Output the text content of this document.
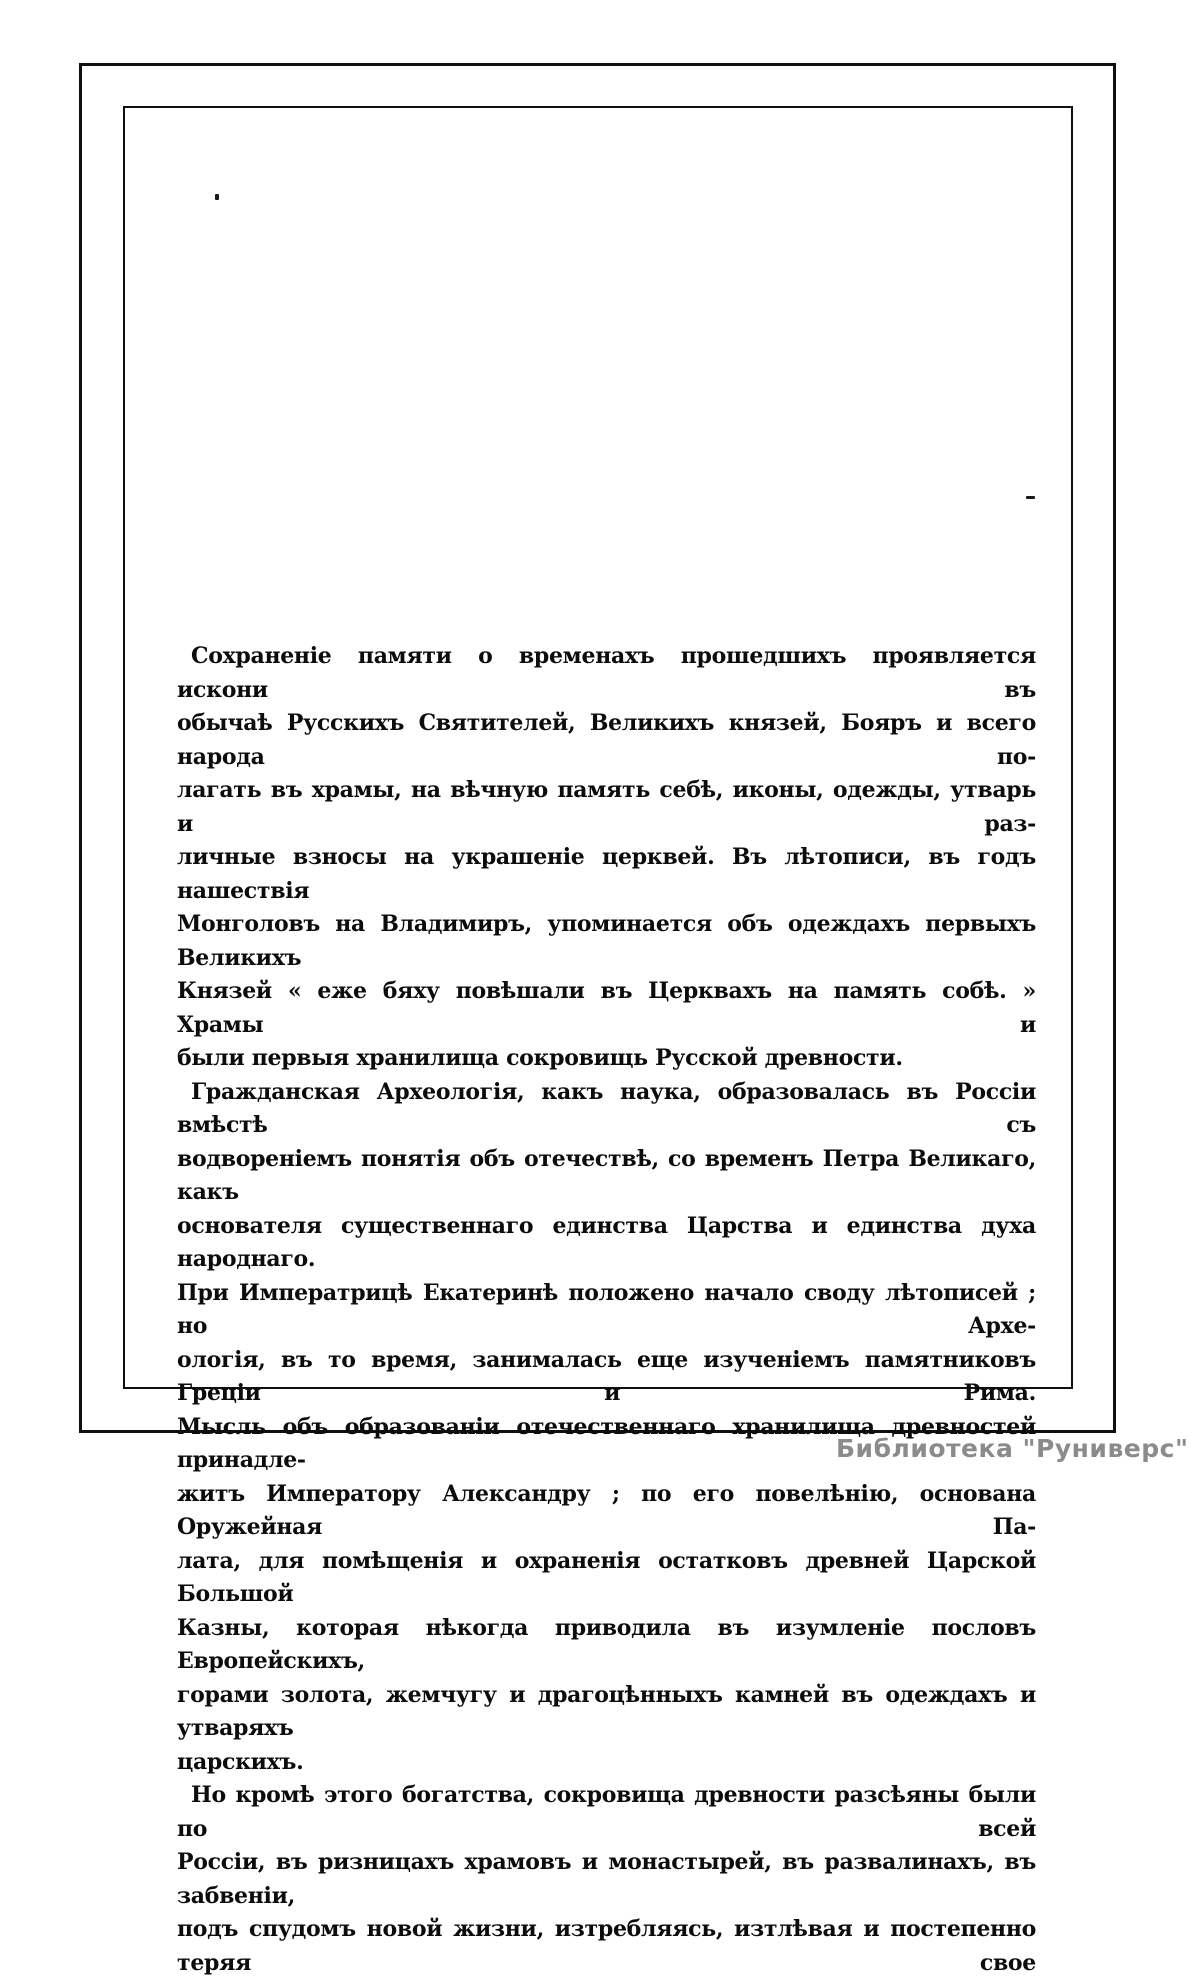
Сохраненіе памяти о временахъ прошедшихъ проявляется искони въ
обычаѣ Русскихъ Святителей, Великихъ князей, Бояръ и всего народа по-
лагать въ храмы, на вѣчную память себѣ, иконы, одежды, утварь и раз-
личные взносы на украшеніе церквей. Въ лѣтописи, въ годъ нашествія
Монголовъ на Владимиръ, упоминается объ одеждахъ первыхъ Великихъ
Князей « еже бяху повѣшали въ Церквахъ на память собѣ. » Храмы и
были первыя хранилища сокровищь Русской древности.

Гражданская Археологія, какъ наука, образовалась въ Россіи вмѣстѣ съ
водвореніемъ понятія объ отечествѣ, со временъ Петра Великаго, какъ
основателя существеннаго единства Царства и единства духа народнаго.
При Императрицѣ Екатеринѣ положено начало своду лѣтописей ; но Архе-
ологія, въ то время, занималась еще изученіемъ памятниковъ Греціи и Рима.
Мысль объ образованіи отечественнаго хранилища древностей принадле-
житъ Императору Александру ; по его повелѣнію, основана Оружейная Па-
лата, для помѣщенія и охраненія остатковъ древней Царской Большой
Казны, которая нѣкогда приводила въ изумленіе пословъ Европейскихъ,
горами золота, жемчугу и драгоцѣнныхъ камней въ одеждахъ и утваряхъ
царскихъ.

Но кромѣ этого богатства, сокровища древности разсѣяны были по всей
Россіи, въ ризницахъ храмовъ и монастырей, въ развалинахъ, въ забвеніи,
подъ спудомъ новой жизни, изтребляясь, изтлѣвая и постепенно теряя свое

Библиотека "Руниверс"
